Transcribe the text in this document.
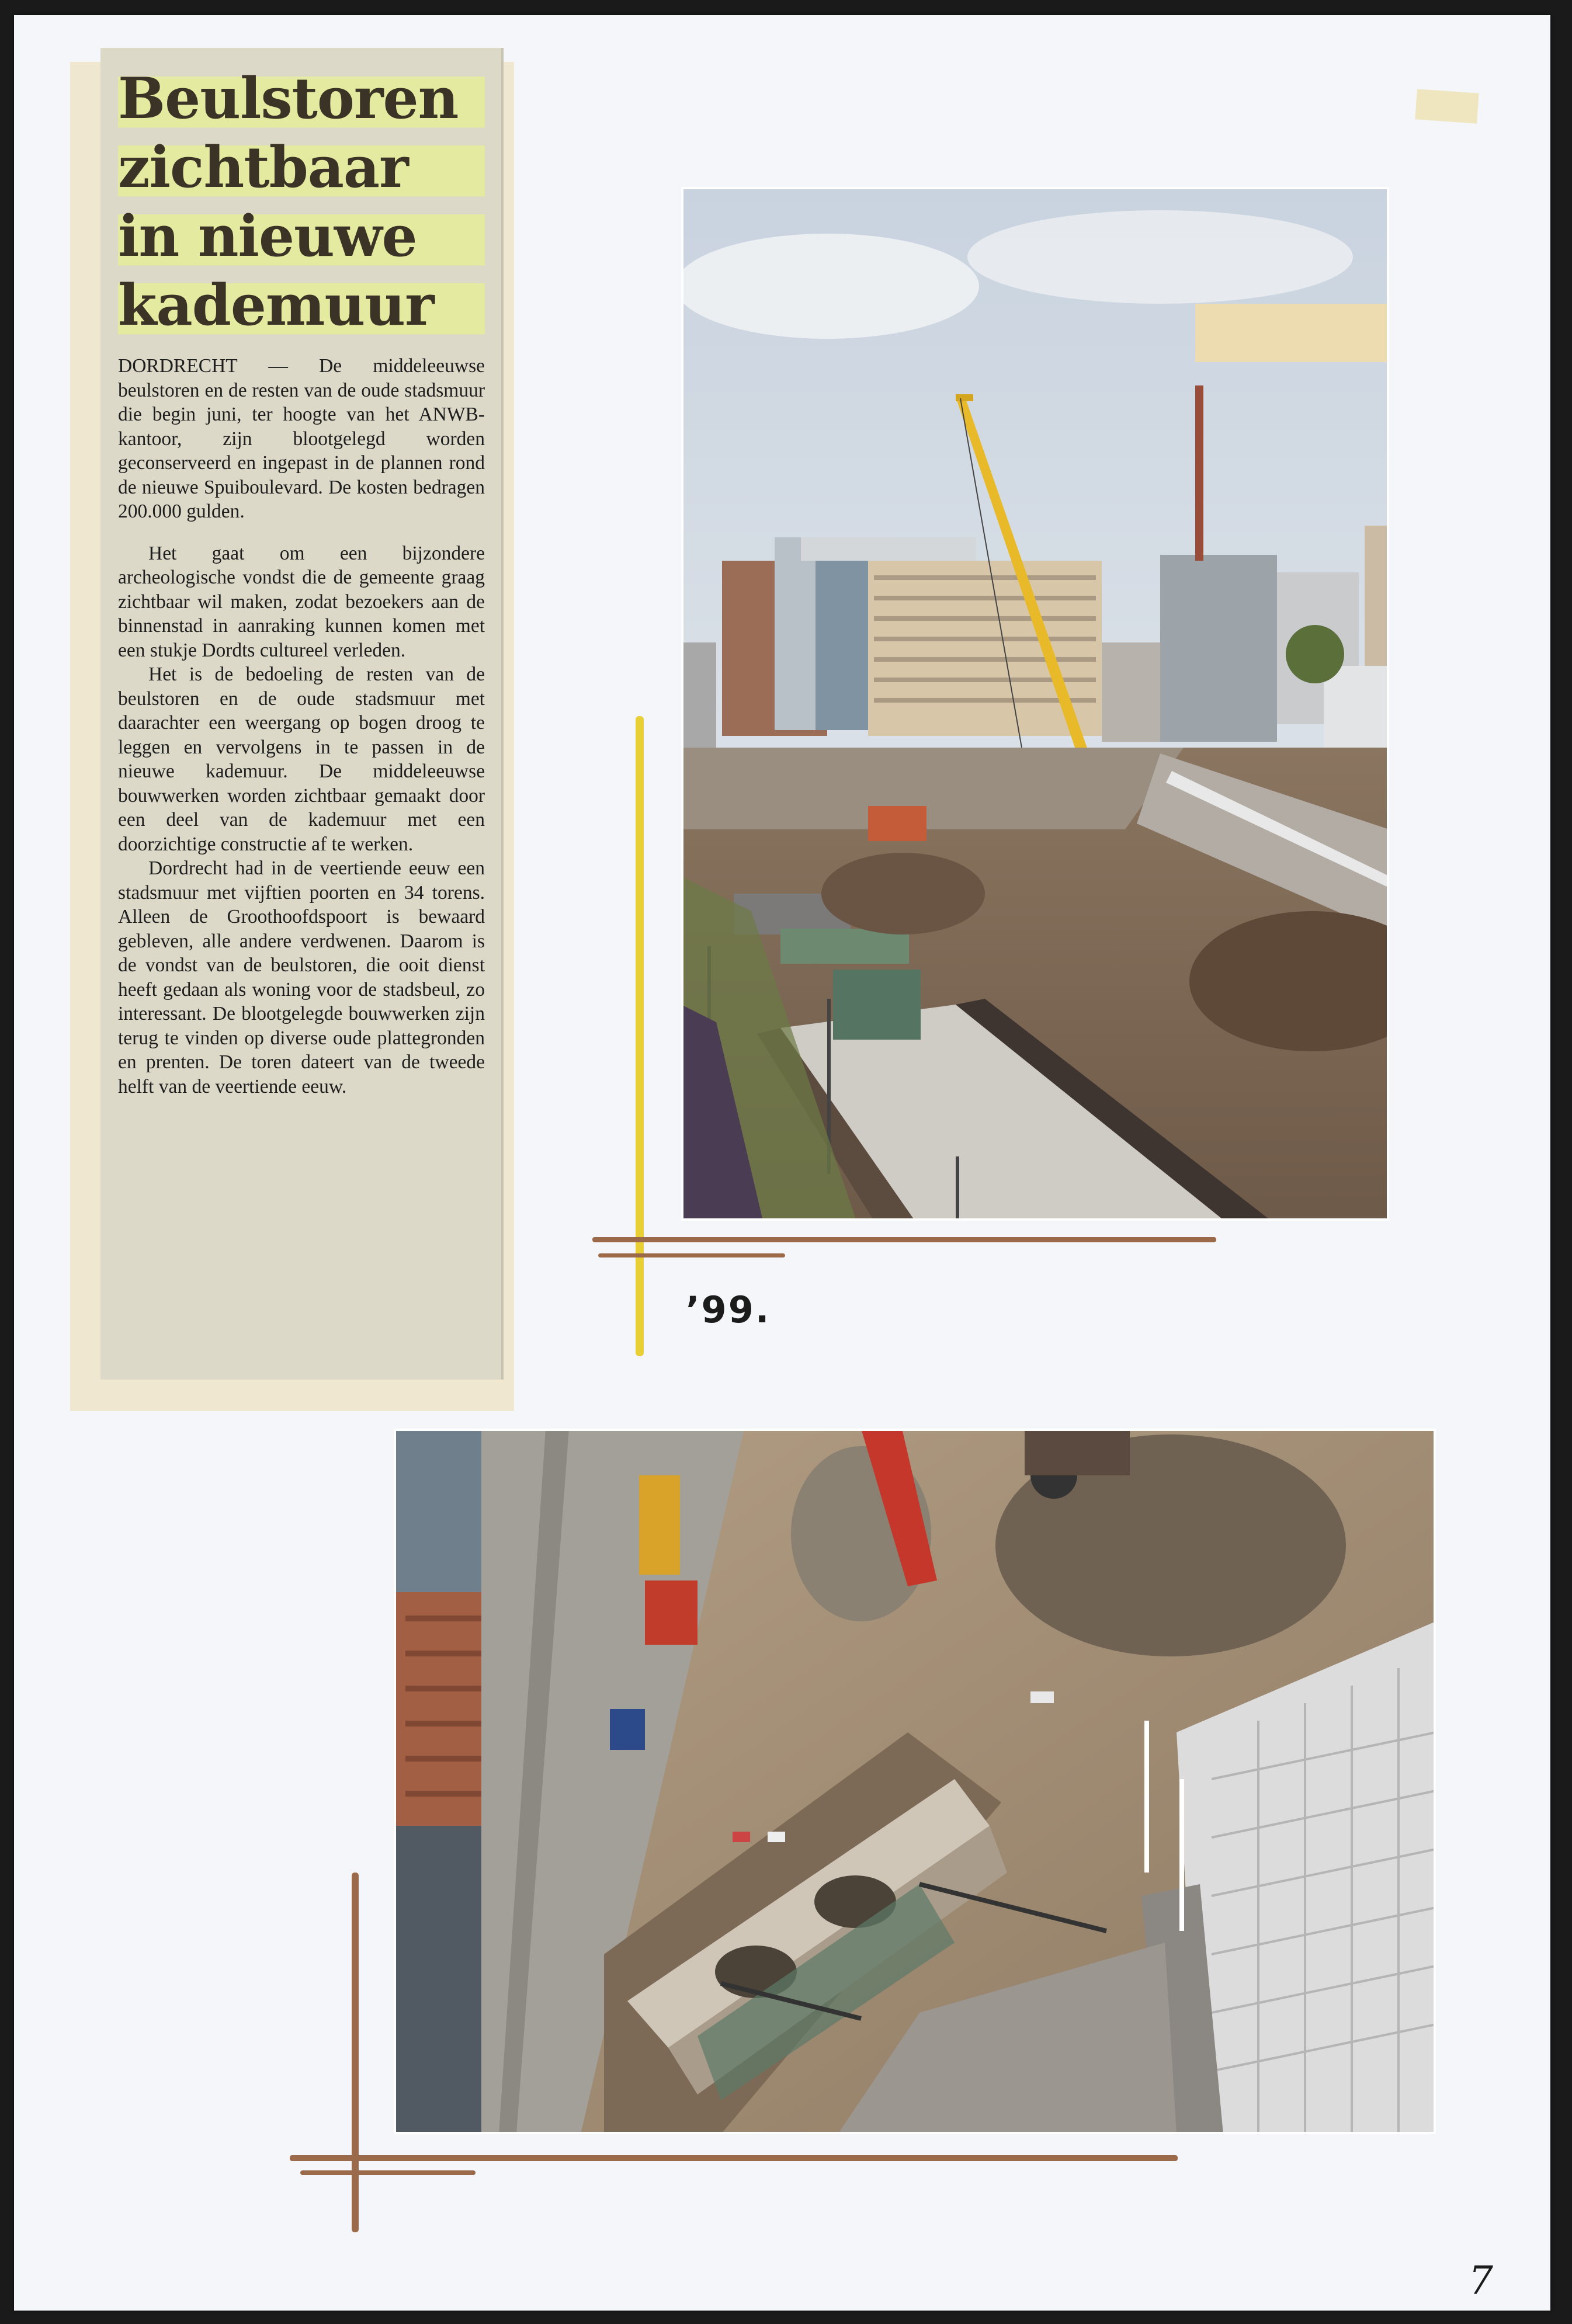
Beulstoren
zichtbaar
in nieuwe
kademuur

DORDRECHT — De middeleeuwse beulstoren en de resten van de oude stadsmuur die begin juni, ter hoogte van het ANWB-kantoor, zijn blootgelegd worden geconserveerd en ingepast in de plannen rond de nieuwe Spuiboulevard. De kosten bedragen 200.000 gulden.

Het gaat om een bijzondere archeologische vondst die de gemeente graag zichtbaar wil maken, zodat bezoekers aan de binnenstad in aanraking kunnen komen met een stukje Dordts cultureel verleden.

Het is de bedoeling de resten van de beulstoren en de oude stadsmuur met daarachter een weergang op bogen droog te leggen en vervolgens in te passen in de nieuwe kademuur. De middeleeuwse bouwwerken worden zichtbaar gemaakt door een deel van de kademuur met een doorzichtige constructie af te werken.

Dordrecht had in de veertiende eeuw een stadsmuur met vijftien poorten en 34 torens. Alleen de Groothoofdspoort is bewaard gebleven, alle andere verdwenen. Daarom is de vondst van de beulstoren, die ooit dienst heeft gedaan als woning voor de stadsbeul, zo interessant. De blootgelegde bouwwerken zijn terug te vinden op diverse oude plattegronden en prenten. De toren dateert van de tweede helft van de veertiende eeuw.

’99.
7
